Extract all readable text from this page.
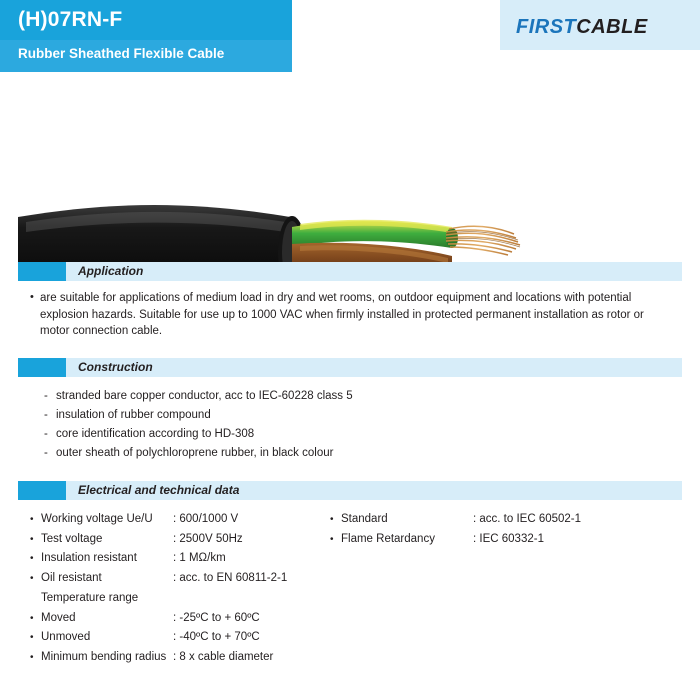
(H)07RN-F
Rubber Sheathed Flexible Cable
FIRSTCABLE
Application
• are suitable for applications of medium load in dry and wet rooms, on outdoor equipment and locations with potential explosion hazards. Suitable for use up to 1000 VAC when firmly installed in protected permanent installation as rotor or motor connection cable.
Construction
- stranded bare copper conductor, acc to IEC-60228 class 5
- insulation of rubber compound
- core identification according to HD-308
- outer sheath of polychloroprene rubber, in black colour
Electrical and technical data
• Working voltage Ue/U	: 600/1000 V
• Test voltage	: 2500V 50Hz
• Insulation resistant	: 1 MΩ/km
• Oil resistant	: acc. to EN 60811-2-1
Temperature range
• Moved	: -25ºC to + 60ºC
• Unmoved	: -40ºC to + 70ºC
• Minimum bending radius : 8 x cable diameter
• Standard	: acc. to IEC 60502-1
• Flame Retardancy	: IEC 60332-1
